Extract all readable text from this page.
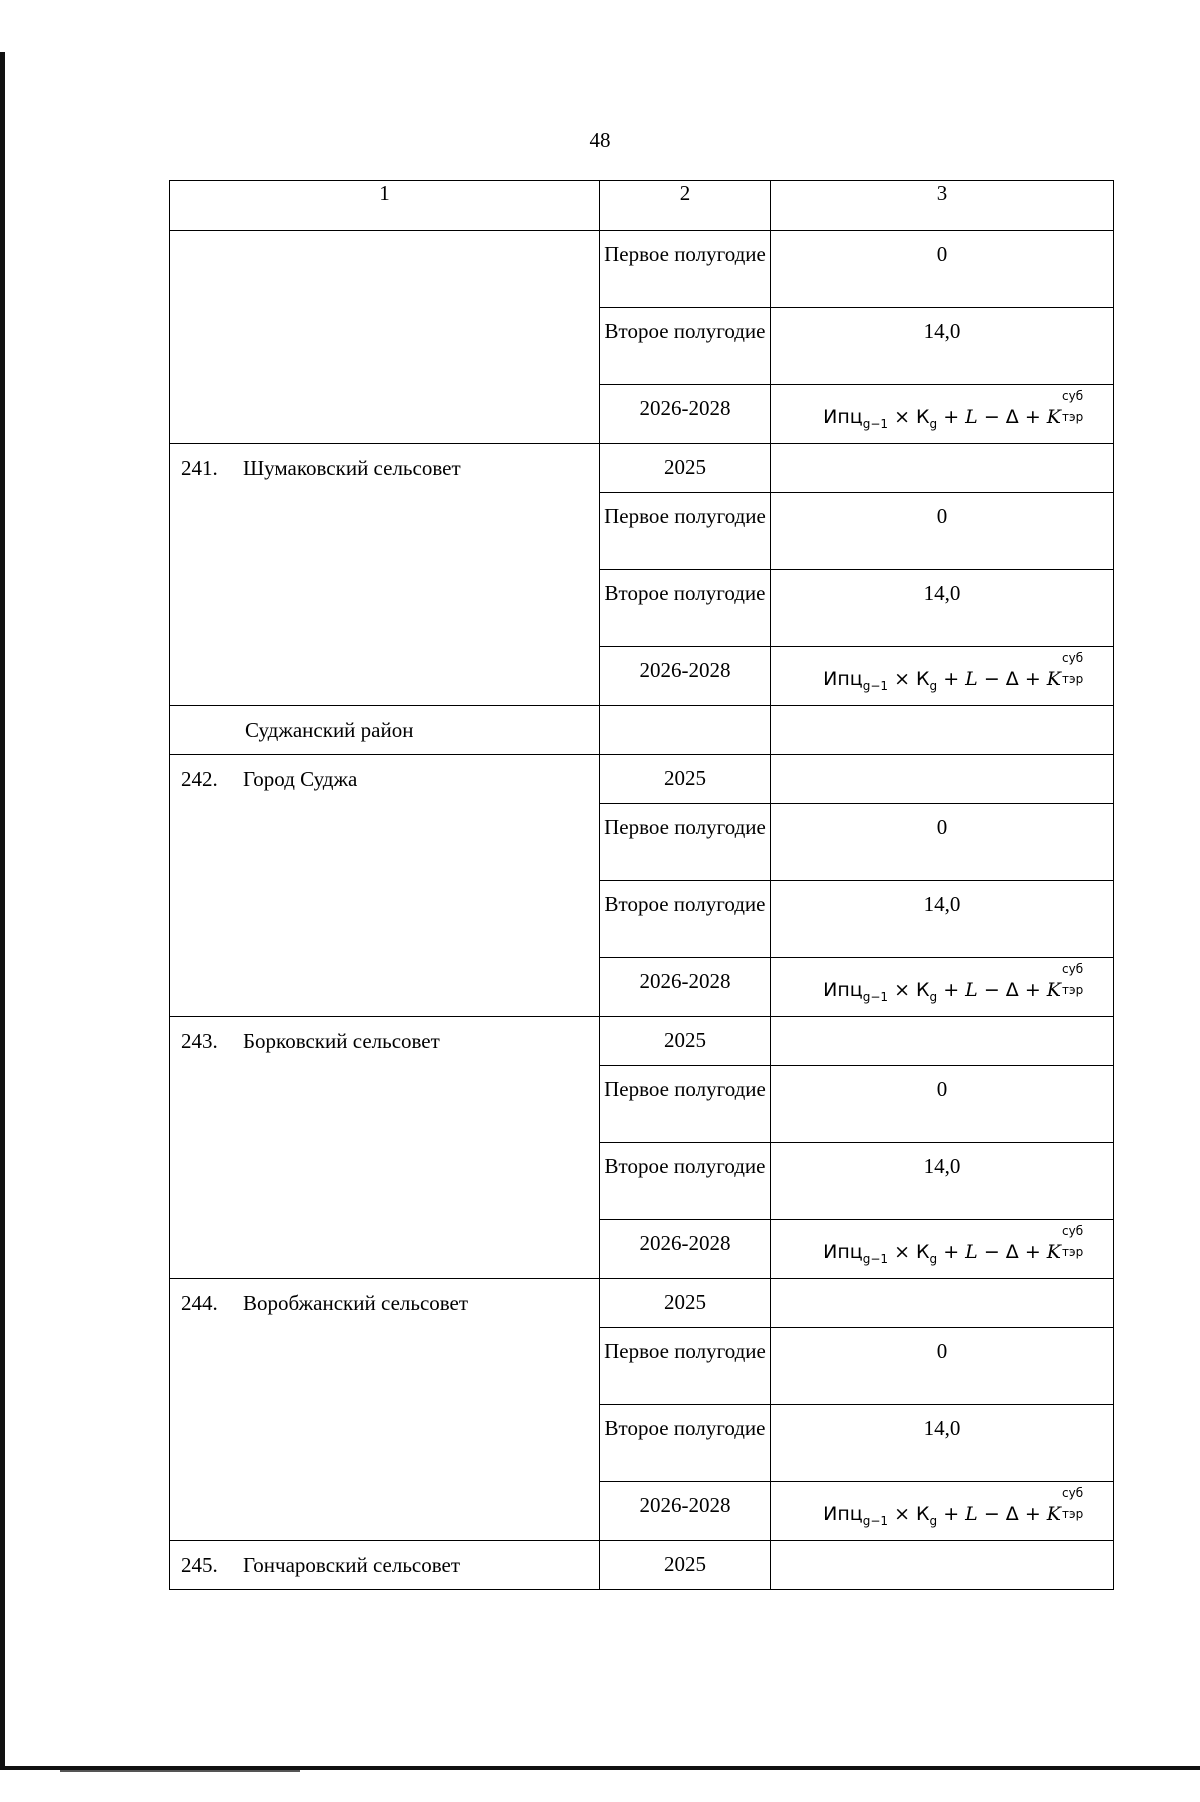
48
1	2	3
	Первое полугодие	0
	Второе полугодие	14,0
	2026-2028	$Ипц_{g-1} \times К_g + L - \Delta + K$
суб
тэр

241. Шумаковский сельсовет	2025	
	Первое полугодие	0
	Второе полугодие	14,0
	2026-2028	$Ипц_{g-1} \times К_g + L - \Delta + K$
суб
тэр

Суджанский район		
242. Город Суджа	2025	
	Первое полугодие	0
	Второе полугодие	14,0
	2026-2028	$Ипц_{g-1} \times К_g + L - \Delta + K$
суб
тэр

243. Борковский сельсовет	2025	
	Первое полугодие	0
	Второе полугодие	14,0
	2026-2028	$Ипц_{g-1} \times К_g + L - \Delta + K$
суб
тэр

244. Воробжанский сельсовет	2025	
	Первое полугодие	0
	Второе полугодие	14,0
	2026-2028	$Ипц_{g-1} \times К_g + L - \Delta + K$
суб
тэр

245. Гончаровский сельсовет	2025	
